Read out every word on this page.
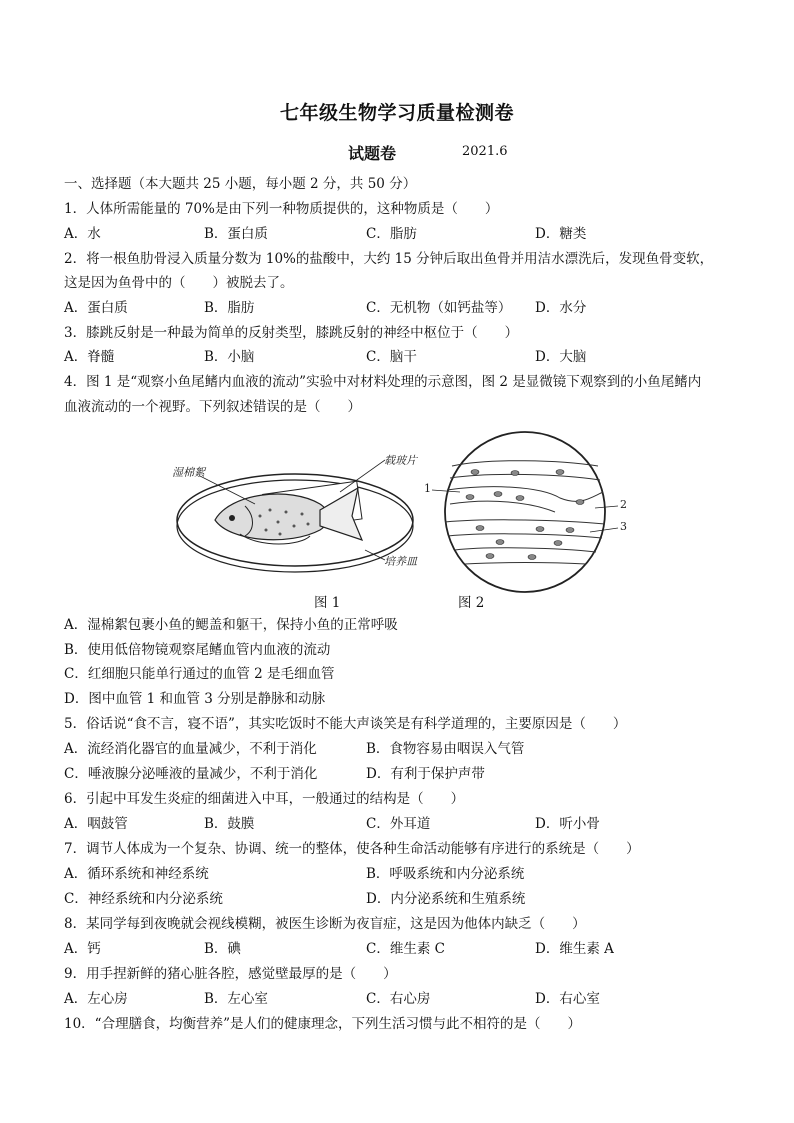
七年级生物学习质量检测卷
试题卷	2021.6
一、选择题（本大题共 25 小题，每小题 2 分，共 50 分）
1．人体所需能量的 70%是由下列一种物质提供的，这种物质是（　　）
A．水	B．蛋白质	C．脂肪	D．糖类
2．将一根鱼肋骨浸入质量分数为 10%的盐酸中，大约 15 分钟后取出鱼骨并用洁水漂洗后，发现鱼骨变软，
这是因为鱼骨中的（　　）被脱去了。
A．蛋白质	B．脂肪	C．无机物（如钙盐等） D．水分
3．膝跳反射是一种最为简单的反射类型，膝跳反射的神经中枢位于（　　）
A．脊髓	B．小脑	C．脑干	D．大脑
4．图 1 是“观察小鱼尾鳍内血液的流动”实验中对材料处理的示意图，图 2 是显微镜下观察到的小鱼尾鳍内
血液流动的一个视野。下列叙述错误的是（　　）
湿棉絮
载玻片
培养皿
1
2
3
图 1	图 2
A．湿棉絮包裹小鱼的鳃盖和躯干，保持小鱼的正常呼吸
B．使用低倍物镜观察尾鳍血管内血液的流动
C．红细胞只能单行通过的血管 2 是毛细血管
D．图中血管 1 和血管 3 分别是静脉和动脉
5．俗话说“食不言，寝不语”，其实吃饭时不能大声谈笑是有科学道理的，主要原因是（　　）
A．流经消化器官的血量减少，不利于消化	B．食物容易由咽误入气管
C．唾液腺分泌唾液的量减少，不利于消化	D．有利于保护声带
6．引起中耳发生炎症的细菌进入中耳，一般通过的结构是（　　）
A．咽鼓管	B．鼓膜	C．外耳道	D．听小骨
7．调节人体成为一个复杂、协调、统一的整体，使各种生命活动能够有序进行的系统是（　　）
A．循环系统和神经系统	B．呼吸系统和内分泌系统
C．神经系统和内分泌系统	D．内分泌系统和生殖系统
8．某同学每到夜晚就会视线模糊，被医生诊断为夜盲症，这是因为他体内缺乏（　　）
A．钙	B．碘	C．维生素 C	D．维生素 A
9．用手捏新鲜的猪心脏各腔，感觉壁最厚的是（　　）
A．左心房	B．左心室	C．右心房	D．右心室
10．“合理膳食，均衡营养”是人们的健康理念，下列生活习惯与此不相符的是（　　）
